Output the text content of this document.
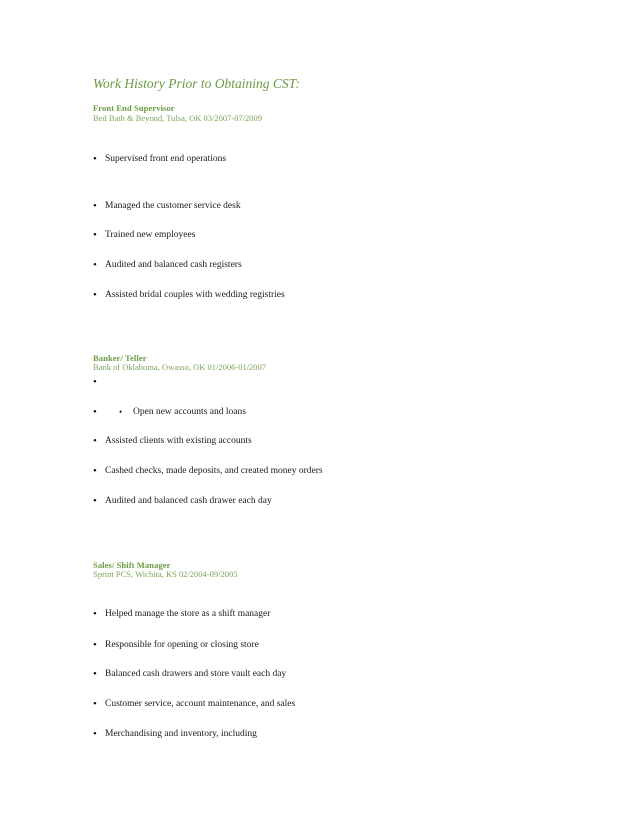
Work History Prior to Obtaining CST:
Front End Supervisor
Bed Bath & Beyond, Tulsa, OK 03/2007-07/2009
• Supervised front end operations
• Managed the customer service desk
• Trained new employees
• Audited and balanced cash registers
• Assisted bridal couples with wedding registries
Banker/ Teller
Bank of Oklahoma, Owasso, OK 01/2006-01/2007
•
•	•	Open new accounts and loans
• Assisted clients with existing accounts
• Cashed checks, made deposits, and created money orders
• Audited and balanced cash drawer each day
Sales/ Shift Manager
Sprint PCS, Wichita, KS 02/2004-09/2005
• Helped manage the store as a shift manager
• Responsible for opening or closing store
• Balanced cash drawers and store vault each day
• Customer service, account maintenance, and sales
• Merchandising and inventory, including
